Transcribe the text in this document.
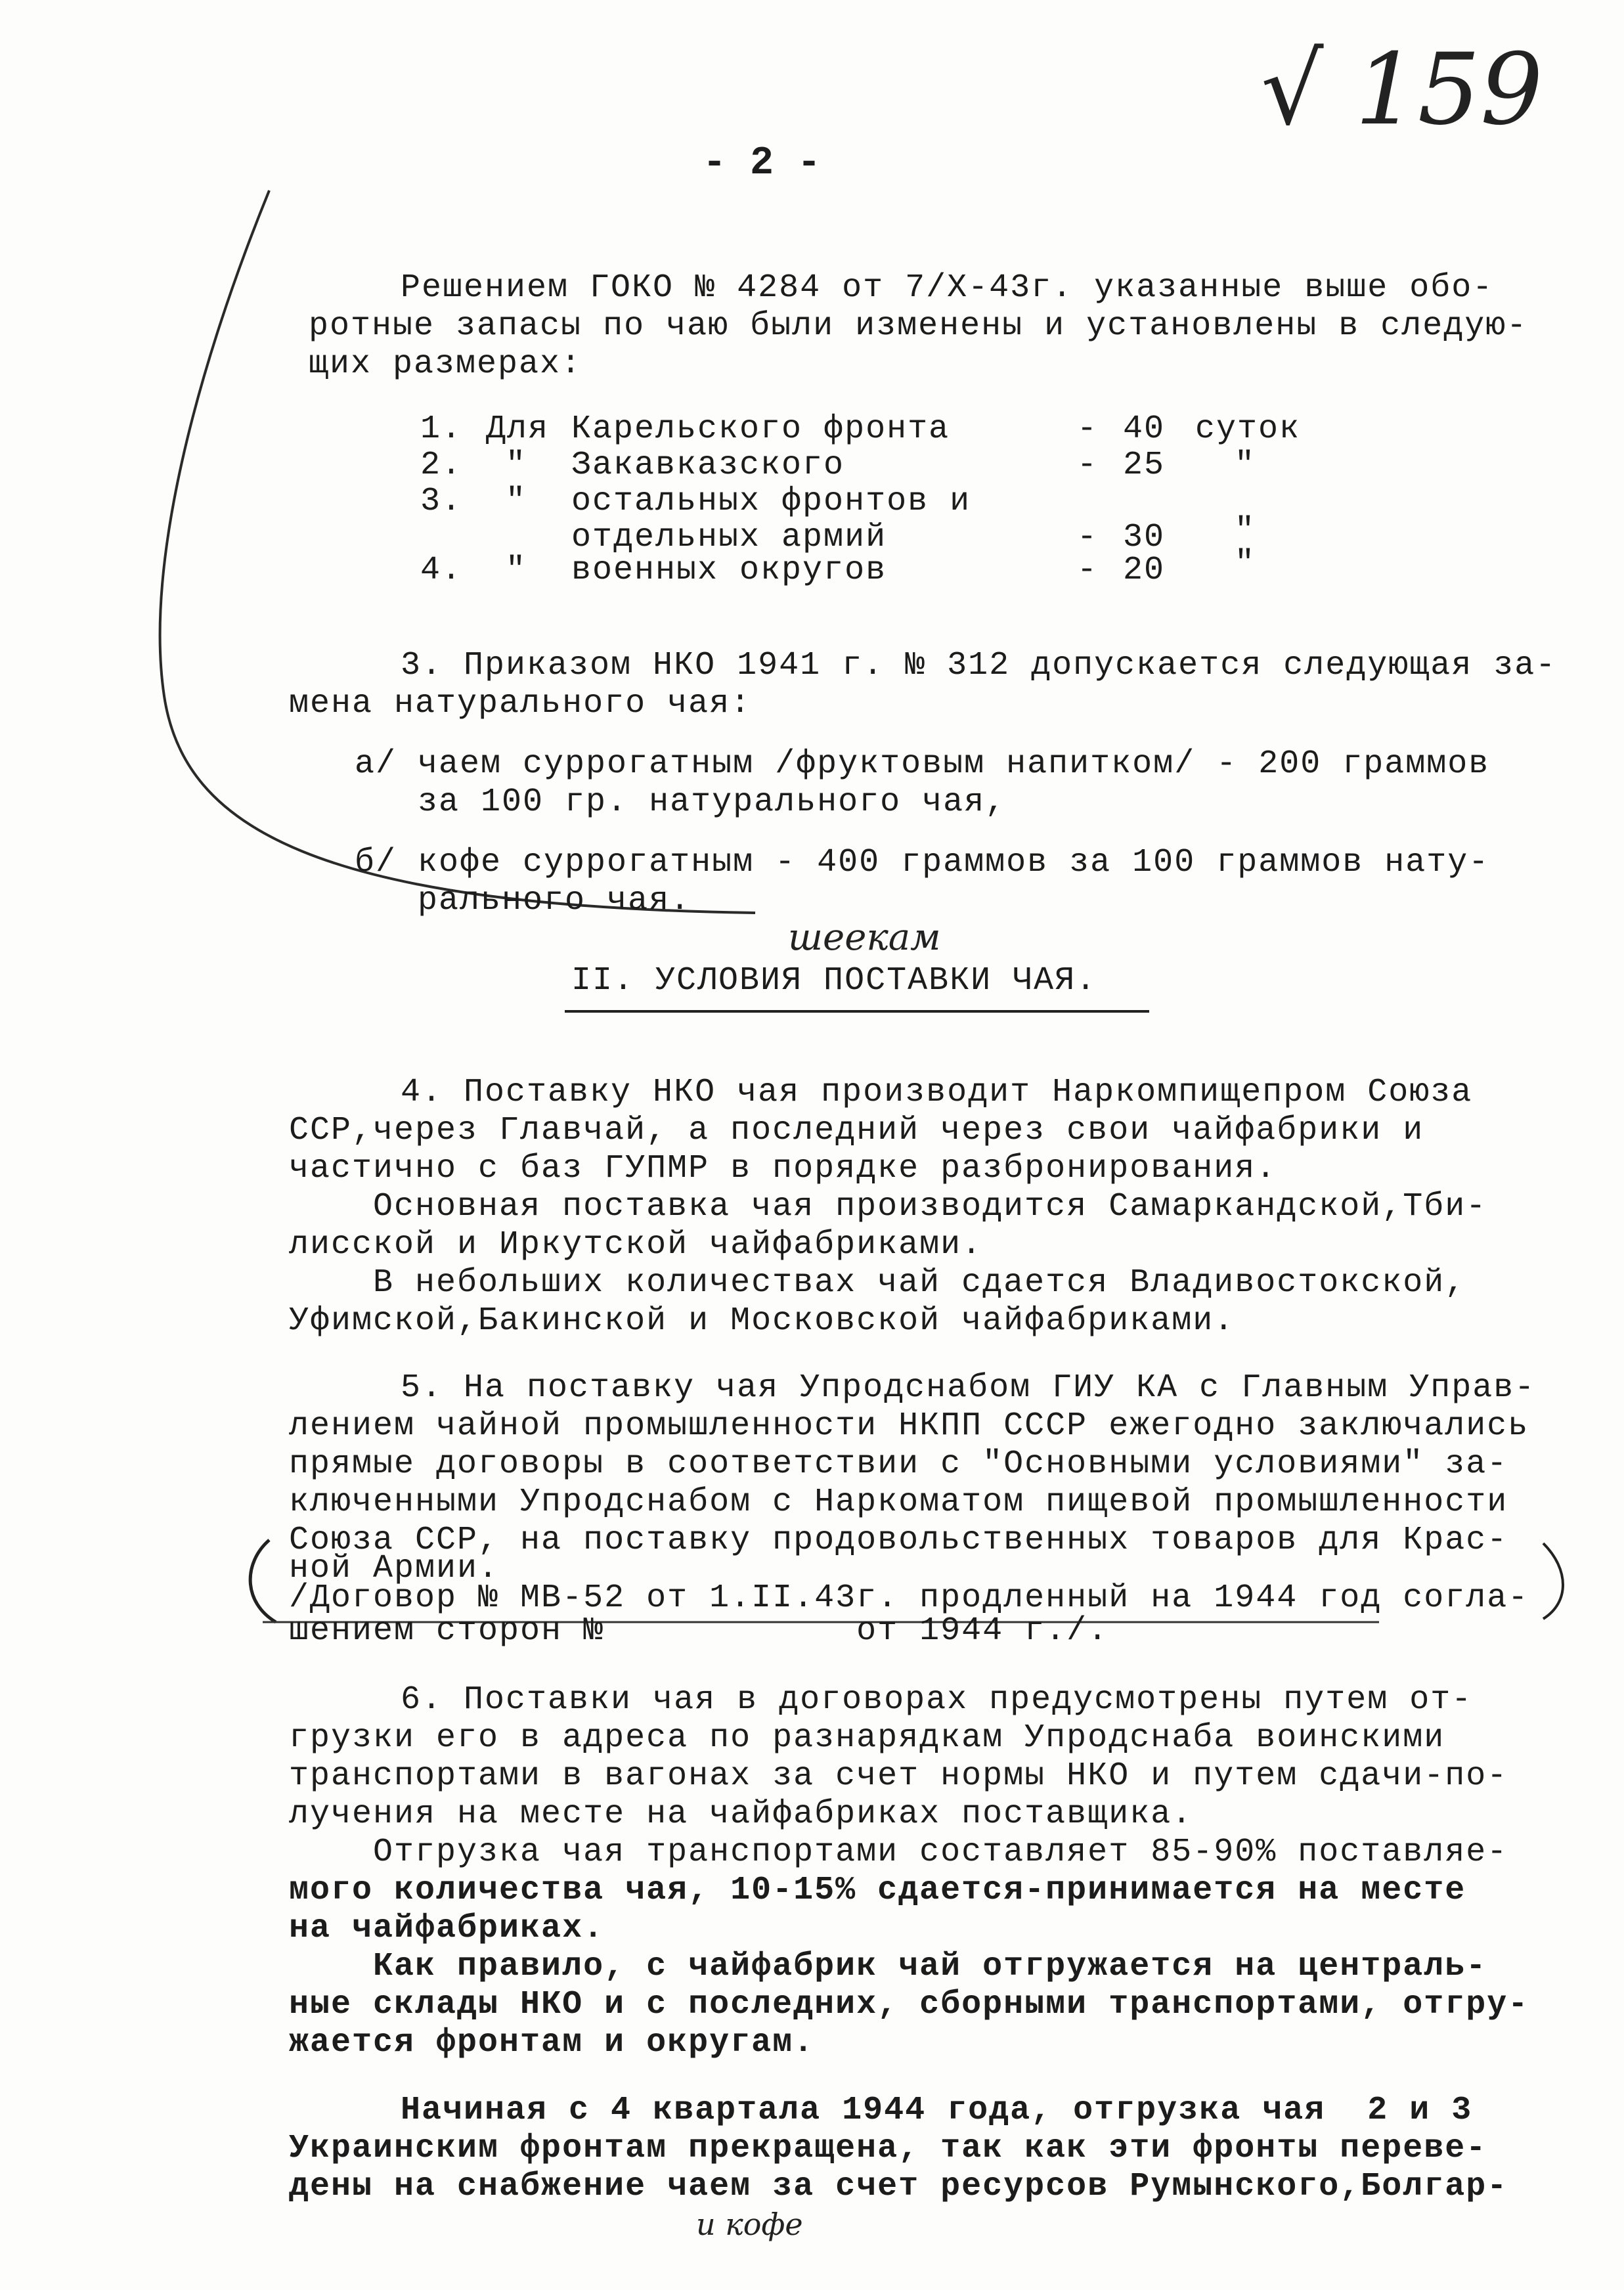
√ 159
- 2 -
Решением ГОКО № 4284 от 7/Х-43г. указанные выше обо-
ротные запасы по чаю были изменены и установлены в следую-
щих размерах:
1. Для Карельского фронта	- 40 суток
2. " Закавказского	- 25 "
3. " остальных фронтов и
отдельных армий	- 30 "
4. " военных округов	- 20 "
3. Приказом НКО 1941 г. № 312 допускается следующая за-
мена натурального чая:
а/ чаем суррогатным /фруктовым напитком/ - 200 граммов
за 100 гр. натурального чая,
б/ кофе суррогатным - 400 граммов за 100 граммов нату-
рального чая.
шеекам
II. УСЛОВИЯ ПОСТАВКИ ЧАЯ.
4. Поставку НКО чая производит Наркомпищепром Союза
ССР,через Главчай, а последний через свои чайфабрики и
частично с баз ГУПМР в порядке разбронирования.
Основная поставка чая производится Самаркандской,Тби-
лисской и Иркутской чайфабриками.
В небольших количествах чай сдается Владивостокской,
Уфимской,Бакинской и Московской чайфабриками.
5. На поставку чая Упродснабом ГИУ КА с Главным Управ-
лением чайной промышленности НКПП СССР ежегодно заключались
прямые договоры в соответствии с "Основными условиями" за-
ключенными Упродснабом с Наркоматом пищевой промышленности
Союза ССР, на поставку продовольственных товаров для Крас-
ной Армии.
/Договор № МВ-52 от 1.II.43г. продленный на 1944 год согла-
шением сторон №            от 1944 г./.
6. Поставки чая в договорах предусмотрены путем от-
грузки его в адреса по разнарядкам Упродснаба воинскими
транспортами в вагонах за счет нормы НКО и путем сдачи-по-
лучения на месте на чайфабриках поставщика.
Отгрузка чая транспортами составляет 85-90% поставляе-
мого количества чая, 10-15% сдается-принимается на месте
на чайфабриках.
Как правило, с чайфабрик чай отгружается на централь-
ные склады НКО и с последних, сборными транспортами, отгру-
жается фронтам и округам.
Начиная с 4 квартала 1944 года, отгрузка чая  2 и 3
Украинским фронтам прекращена, так как эти фронты переве-
дены на снабжение чаем за счет ресурсов Румынского,Болгар-
и кофе
